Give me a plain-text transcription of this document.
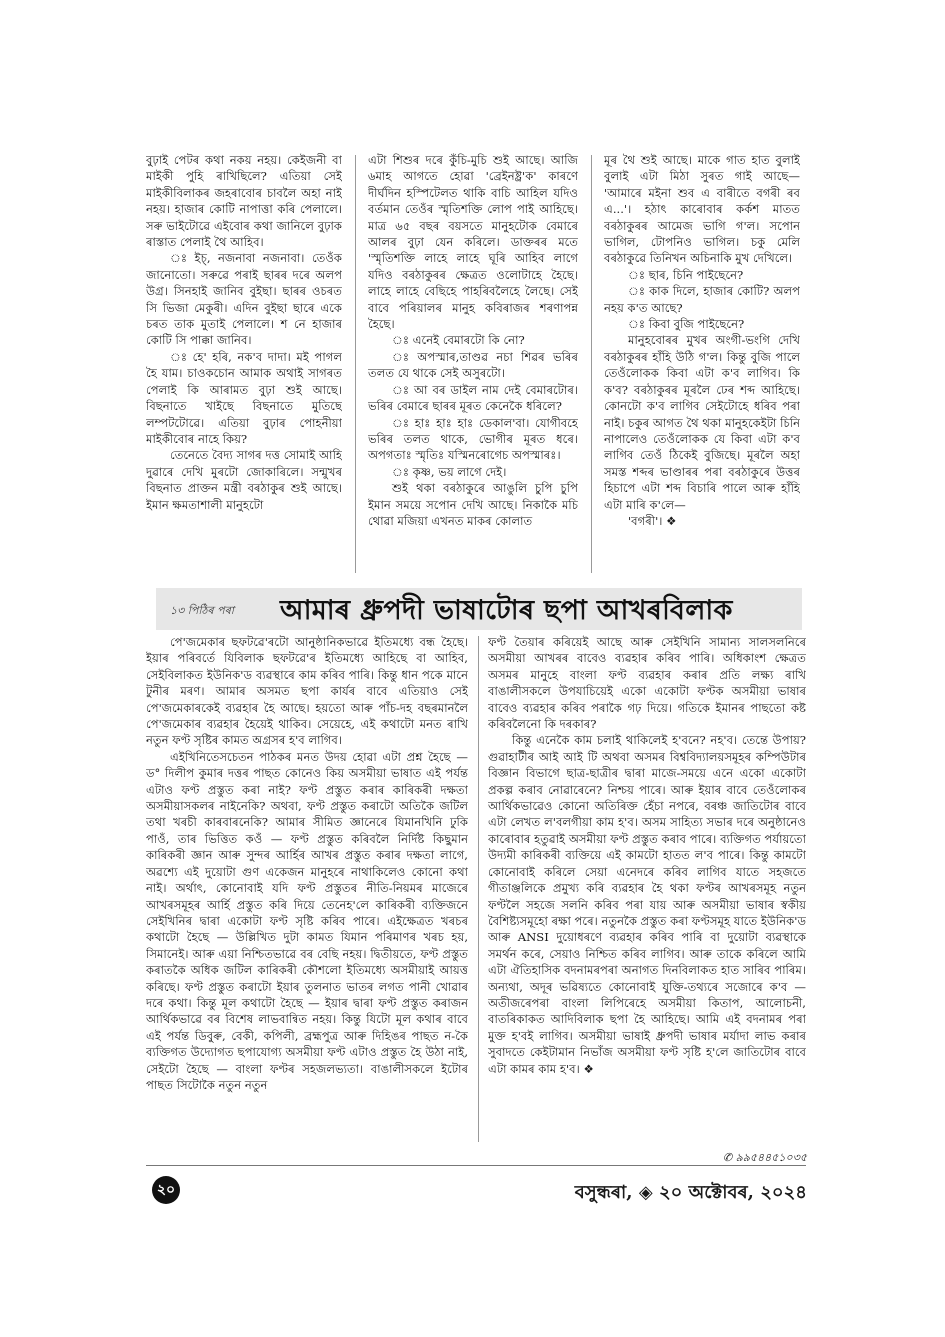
বুঢ়াই পেটৰ কথা নকয় নহয়। কেইজনী বা মাইকী পুহি ৰাখিছিলে? এতিয়া সেই মাইকীবিলাকৰ জহৰাবোৰ চাবলৈ অহা নাই নহয়। হাজাৰ কোটি নাপাত্তা কৰি পেলালে। সৰু ভাইটোৱে এইবোৰ কথা জানিলে বুঢ়াক ৰাস্তাত পেলাই থৈ আহিব।

ঃ ইচ্, নজনাবা নজনাবা। তেওঁক জানোতো। সৰুৱে পৰাই ছাৰৰ দৰে অলপ উগ্ৰ। সিনহাই জানিব বুইছা। ছাৰৰ ওচৰত সি ভিজা মেকুৰী। এদিন বুইছা ছাৰে একে চৰত তাক মুতাই পেলালে। শ নে হাজাৰ কোটি সি পাক্কা জানিব।

ঃ হে' হৰি, নক'ব দাদা। মই পাগল হৈ যাম। চাওকচোন আমাক অথাই সাগৰত পেলাই কি আৰামত বুঢ়া শুই আছে। বিছনাতে খাইছে বিছনাতে মুতিছে লম্পটটোৱে। এতিয়া বুঢ়াৰ পোহনীয়া মাইকীবোৰ নাহে কিয়?

তেনেতে বৈদ্য সাগৰ দত্ত সোমাই আহি দুৱাৰে দেখি মুৰটো জোকাৰিলে। সন্মুখৰ বিছনাত প্ৰাক্তন মন্ত্ৰী বৰঠাকুৰ শুই আছে। ইমান ক্ষমতাশালী মানুহটো

এটা শিশুৰ দৰে কুঁচি-মুচি শুই আছে। আজি ৬মাহ আগতে হোৱা 'ব্ৰেইনষ্ট্ৰ'ক' কাৰণে দীৰ্ঘদিন হস্পিটেলত থাকি বাচি আহিল যদিও বৰ্তমান তেওঁৰ স্মৃতিশক্তি লোপ পাই আহিছে। মাত্ৰ ৬৫ বছৰ বয়সতে মানুহটোক বেমাৰে আলৰ বুঢ়া যেন কৰিলে। ডাক্তৰৰ মতে 'স্মৃতিশক্তি লাহে লাহে ঘূৰি আহিব লাগে যদিও বৰঠাকুৰৰ ক্ষেত্ৰত ওলোটাহে হৈছে। লাহে লাহে বেছিহে পাহৰিবলৈহে লৈছে। সেই বাবে পৰিয়ালৰ মানুহ কবিৰাজৰ শৰণাপন্ন হৈছে।

ঃ এনেই বেমাৰটো কি নো?

ঃ অপস্মাৰ,তাণ্ডৱ নচা শিৱৰ ভৰিৰ তলত যে থাকে সেই অসুৰটো।

ঃ আ বৰ ডাইল নাম দেই বেমাৰটোৰ। ভৰিৰ বেমাৰে ছাৰৰ মূৰত কেনেকৈ ধৰিলে?

ঃ হাঃ হাঃ হাঃ ডেকাল'বা। যোগীবহে ভৰিৰ তলত থাকে, ভোগীৰ মূৰত ধৰে। অপগতাঃ স্মৃতিঃ যস্মিনৰোগেচ অপস্মাৰঃ।

ঃ কৃষ্ণ, ভয় লাগে দেই।

শুই থকা বৰঠাকুৰে আঙুলি চুপি চুপি ইমান সময়ে সপোন দেখি আছে। নিকাকৈ মচি থোৱা মজিয়া এখনত মাকৰ কোলাত

মূৰ থৈ শুই আছে। মাকে গাত হাত বুলাই বুলাই এটা মিঠা সুৰত গাই আছে— 'আমাৰে মইনা শুব এ বাৰীতে বগৰী ৰব এ...'। হঠাৎ কাৰোবাৰ কৰ্কশ মাতত বৰঠাকুৰৰ আমেজ ভাগি গ'ল। সপোন ভাগিল, টোপনিও ভাগিল। চকু মেলি বৰঠাকুৱে তিনিখন অচিনাকি মুখ দেখিলে।

ঃ ছাৰ, চিনি পাইছেনে?

ঃ কাক দিলে, হাজাৰ কোটি? অলপ নহয় ক'ত আছে?

ঃ কিবা বুজি পাইছেনে?

মানুহবোৰৰ মুখৰ অংগী-ভংগি দেখি বৰঠাকুৰৰ হাঁহি উঠি গ'ল। কিন্তু বুজি পালে তেওঁলোকক কিবা এটা ক'ব লাগিব। কি ক'ব? বৰঠাকুৰৰ মূৰলৈ ঢেৰ শব্দ আহিছে। কোনটো ক'ব লাগিব সেইটোহে ধৰিব পৰা নাই। চকুৰ আগত থৈ থকা মানুহকেইটা চিনি নাপালেও তেওঁলোকক যে কিবা এটা ক'ব লাগিব তেওঁ ঠিকেই বুজিছে। মূৰলৈ অহা সমস্ত শব্দৰ ভাণ্ডাৰৰ পৰা বৰঠাকুৰে উত্তৰ হিচাপে এটা শব্দ বিচাৰি পালে আৰু হাঁহি এটা মাৰি ক'লে—

'বগৰী'। ❖

১৩ পিঠিৰ পৰা আমাৰ ধ্ৰুপদী ভাষাটোৰ ছপা আখৰবিলাক

পে'জমেকাৰ ছফটৱে'ৰটো আনুষ্ঠানিকভাৱে ইতিমধ্যে বন্ধ হৈছে। ইয়াৰ পৰিবৰ্তে যিবিলাক ছফটৱে'ৰ ইতিমধ্যে আহিছে বা আহিব, সেইবিলাকত ইউনিক'ড ব্যৱস্থাৰে কাম কৰিব পাৰি। কিন্তু ধান পকে মানে টুনীৰ মৰণ। আমাৰ অসমত ছপা কাৰ্যৰ বাবে এতিয়াও সেই পে'জমেকাৰকেই ব্যৱহাৰ হৈ আছে। হয়তো আৰু পাঁচ-দহ বছৰমানলৈ পে'জমেকাৰ ব্যৱহাৰ হৈয়েই থাকিব। সেয়েহে, এই কথাটো মনত ৰাখি নতুন ফণ্ট সৃষ্টিৰ কামত অগ্ৰসৰ হ'ব লাগিব।

এইখিনিতেসচেতন পাঠকৰ মনত উদয় হোৱা এটা প্ৰশ্ন হৈছে — ড° দিলীপ কুমাৰ দত্তৰ পাছত কোনেও কিয় অসমীয়া ভাষাত এই পৰ্যন্ত এটাও ফণ্ট প্ৰস্তুত কৰা নাই? ফণ্ট প্ৰস্তুত কৰাৰ কাৰিকৰী দক্ষতা অসমীয়াসকলৰ নাইনেকি? অথবা, ফণ্ট প্ৰস্তুত কৰাটো অতিকৈ জটিল তথা খৰচী কাৰবাৰনেকি? আমাৰ সীমিত জ্ঞানেৰে যিমানখিনি ঢুকি পাওঁ, তাৰ ভিত্তিত কওঁ — ফণ্ট প্ৰস্তুত কৰিবলৈ নিৰ্দিষ্ট কিছুমান কাৰিকৰী জ্ঞান আৰু সুন্দৰ আৰ্হিৰ আখৰ প্ৰস্তুত কৰাৰ দক্ষতা লাগে, অৱশ্যে এই দুয়োটা গুণ একেজন মানুহৰে নাথাকিলেও কোনো কথা নাই। অৰ্থাৎ, কোনোবাই যদি ফণ্ট প্ৰস্তুতৰ নীতি-নিয়মৰ মাজেৰে আখৰসমূহৰ আৰ্হি প্ৰস্তুত কৰি দিয়ে তেনেহ'লে কাৰিকৰী ব্যক্তিজনে সেইখিনিৰ দ্বাৰা একোটা ফণ্ট সৃষ্টি কৰিব পাৰে। এইক্ষেত্ৰত খৰচৰ কথাটো হৈছে — উল্লিখিত দুটা কামত যিমান পৰিমাণৰ খৰচ হয়, সিমানেই। আৰু এয়া নিশ্চিতভাৱে বৰ বেছি নহয়। দ্বিতীয়তে, ফণ্ট প্ৰস্তুত কৰাতকৈ অধিক জটিল কাৰিকৰী কৌশলো ইতিমধ্যে অসমীয়াই আয়ত্ত কৰিছে। ফণ্ট প্ৰস্তুত কৰাটো ইয়াৰ তুলনাত ভাতৰ লগত পানী খোৱাৰ দৰে কথা। কিন্তু মূল কথাটো হৈছে — ইয়াৰ দ্বাৰা ফণ্ট প্ৰস্তুত কৰাজন আৰ্থিকভাৱে বৰ বিশেষ লাভবান্বিত নহয়। কিন্তু যিটো মূল কথাৰ বাবে এই পৰ্যন্ত ডিবুৰু, বেকী, কপিলী, ব্ৰহ্মপুত্ৰ আৰু দিহিঙৰ পাছত ন-কৈ ব্যক্তিগত উদ্যোগত ছপাযোগ্য অসমীয়া ফণ্ট এটাও প্ৰস্তুত হৈ উঠা নাই, সেইটো হৈছে — বাংলা ফণ্টৰ সহজলভ্যতা। বাঙালীসকলে ইটোৰ পাছত সিটোকৈ নতুন নতুন

ফণ্ট তৈয়াৰ কৰিয়েই আছে আৰু সেইখিনি সামান্য সালসলনিৰে অসমীয়া আখৰৰ বাবেও ব্যৱহাৰ কৰিব পাৰি। অধিকাংশ ক্ষেত্ৰত অসমৰ মানুহে বাংলা ফণ্ট ব্যৱহাৰ কৰাৰ প্ৰতি লক্ষ্য ৰাখি বাঙালীসকলে উপযাচিয়েই একো একোটা ফণ্টক অসমীয়া ভাষাৰ বাবেও ব্যৱহাৰ কৰিব পৰাকৈ গঢ় দিয়ে। গতিকে ইমানৰ পাছতো কষ্ট কৰিবলৈনো কি দৰকাৰ?

কিন্তু এনেকৈ কাম চলাই থাকিলেই হ'বনে? নহ'ব। তেন্তে উপায়? গুৱাহাটীৰ আই আই টি অথবা অসমৰ বিশ্ববিদ্যালয়সমূহৰ কম্পিউটাৰ বিজ্ঞান বিভাগে ছাত্ৰ-ছাত্ৰীৰ দ্বাৰা মাজে-সময়ে এনে একো একোটা প্ৰকল্প কৰাব নোৱাৰেনে? নিশ্চয় পাৰে। আৰু ইয়াৰ বাবে তেওঁলোকৰ আৰ্থিকভাৱেও কোনো অতিৰিক্ত হেঁচা নপৰে, বৰঞ্চ জাতিটোৰ বাবে এটা লেখত ল'বলগীয়া কাম হ'ব। অসম সাহিত্য সভাৰ দৰে অনুষ্ঠানেও কাৰোবাৰ হতুৱাই অসমীয়া ফণ্ট প্ৰস্তুত কৰাব পাৰে। ব্যক্তিগত পৰ্যায়তো উদ্যমী কাৰিকৰী ব্যক্তিয়ে এই কামটো হাতত ল'ব পাৰে। কিন্তু কামটো কোনোবাই কৰিলে সেয়া এনেদৰে কৰিব লাগিব যাতে সহজতে গীতাঞ্জলিকে প্ৰমুখ্য কৰি ব্যৱহাৰ হৈ থকা ফণ্টৰ আখৰসমূহ নতুন ফণ্টলৈ সহজে সলনি কৰিব পৰা যায় আৰু অসমীয়া ভাষাৰ স্বকীয় বৈশিষ্ট্যসমূহো ৰক্ষা পৰে। নতুনকৈ প্ৰস্তুত কৰা ফণ্টসমূহ যাতে ইউনিক'ড আৰু ANSI দুয়োধৰণে ব্যৱহাৰ কৰিব পাৰি বা দুয়োটা ব্যৱস্থাকে সমৰ্থন কৰে, সেয়াও নিশ্চিত কৰিব লাগিব। আৰু তাকে কৰিলে আমি এটা ঐতিহাসিক বদনামৰপৰা অনাগত দিনবিলাকত হাত সাৰিব পাৰিম। অন্যথা, অদূৰ ভৱিষ্যতে কোনোবাই যুক্তি-তথ্যৰে সজোৰে ক'ব — অতীজৰেপৰা বাংলা লিপিৰেহে অসমীয়া কিতাপ, আলোচনী, বাতৰিকাকত আদিবিলাক ছপা হৈ আহিছে। আমি এই বদনামৰ পৰা মুক্ত হ'বই লাগিব। অসমীয়া ভাষাই ধ্ৰুপদী ভাষাৰ মৰ্যাদা লাভ কৰাৰ সুবাদতে কেইটামান নিভাঁজ অসমীয়া ফণ্ট সৃষ্টি হ'লে জাতিটোৰ বাবে এটা কামৰ কাম হ'ব। ❖

✆ ৯৯৫৪৪৫১০৩৫
২০	বসুন্ধৰা, ◈ ২০ অক্টোবৰ, ২০২৪
